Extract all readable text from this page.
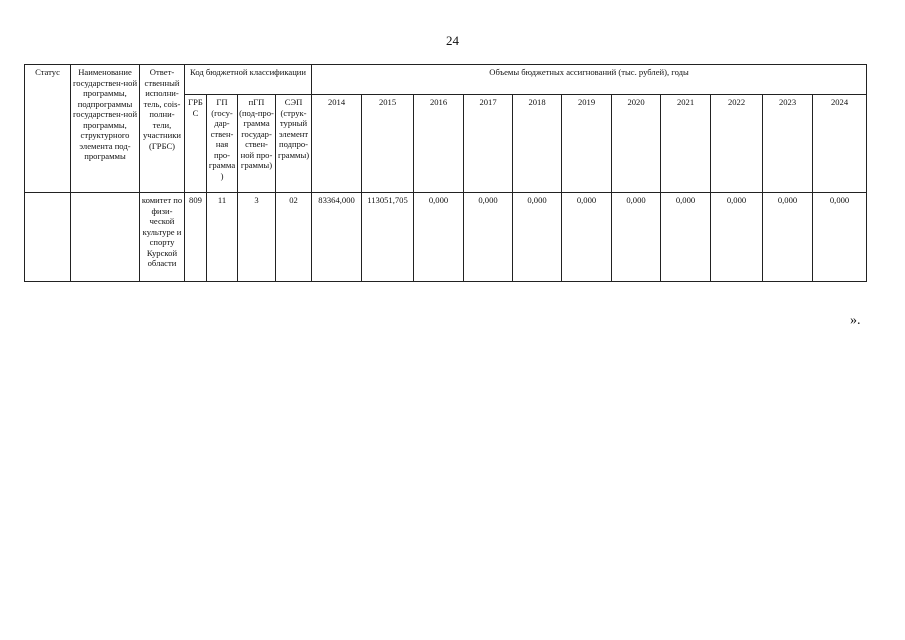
24
Статус	Наименование государствен-ной программы, подпрограммы государствен-ной программы, структурного элемента под-программы	Ответ-ственный исполни-тель, сois-полни-тели, участники (ГРБС)	Код бюджетной классификации				Объемы бюджетных ассигнований (тыс. рублей), годы										
			ГРБ С	ГП (госу-дар-ствен-ная про-грамма )	пГП (под-про-грамма государ-ствен-ной про-граммы)	СЭП (струк-турный элемент подпро-граммы)	2014	2015	2016	2017	2018	2019	2020	2021	2022	2023	2024
		комитет по физи-ческой культуре и спорту Курской области	809	11	3	02	83364,000	113051,705	0,000	0,000	0,000	0,000	0,000	0,000	0,000	0,000	0,000
».
